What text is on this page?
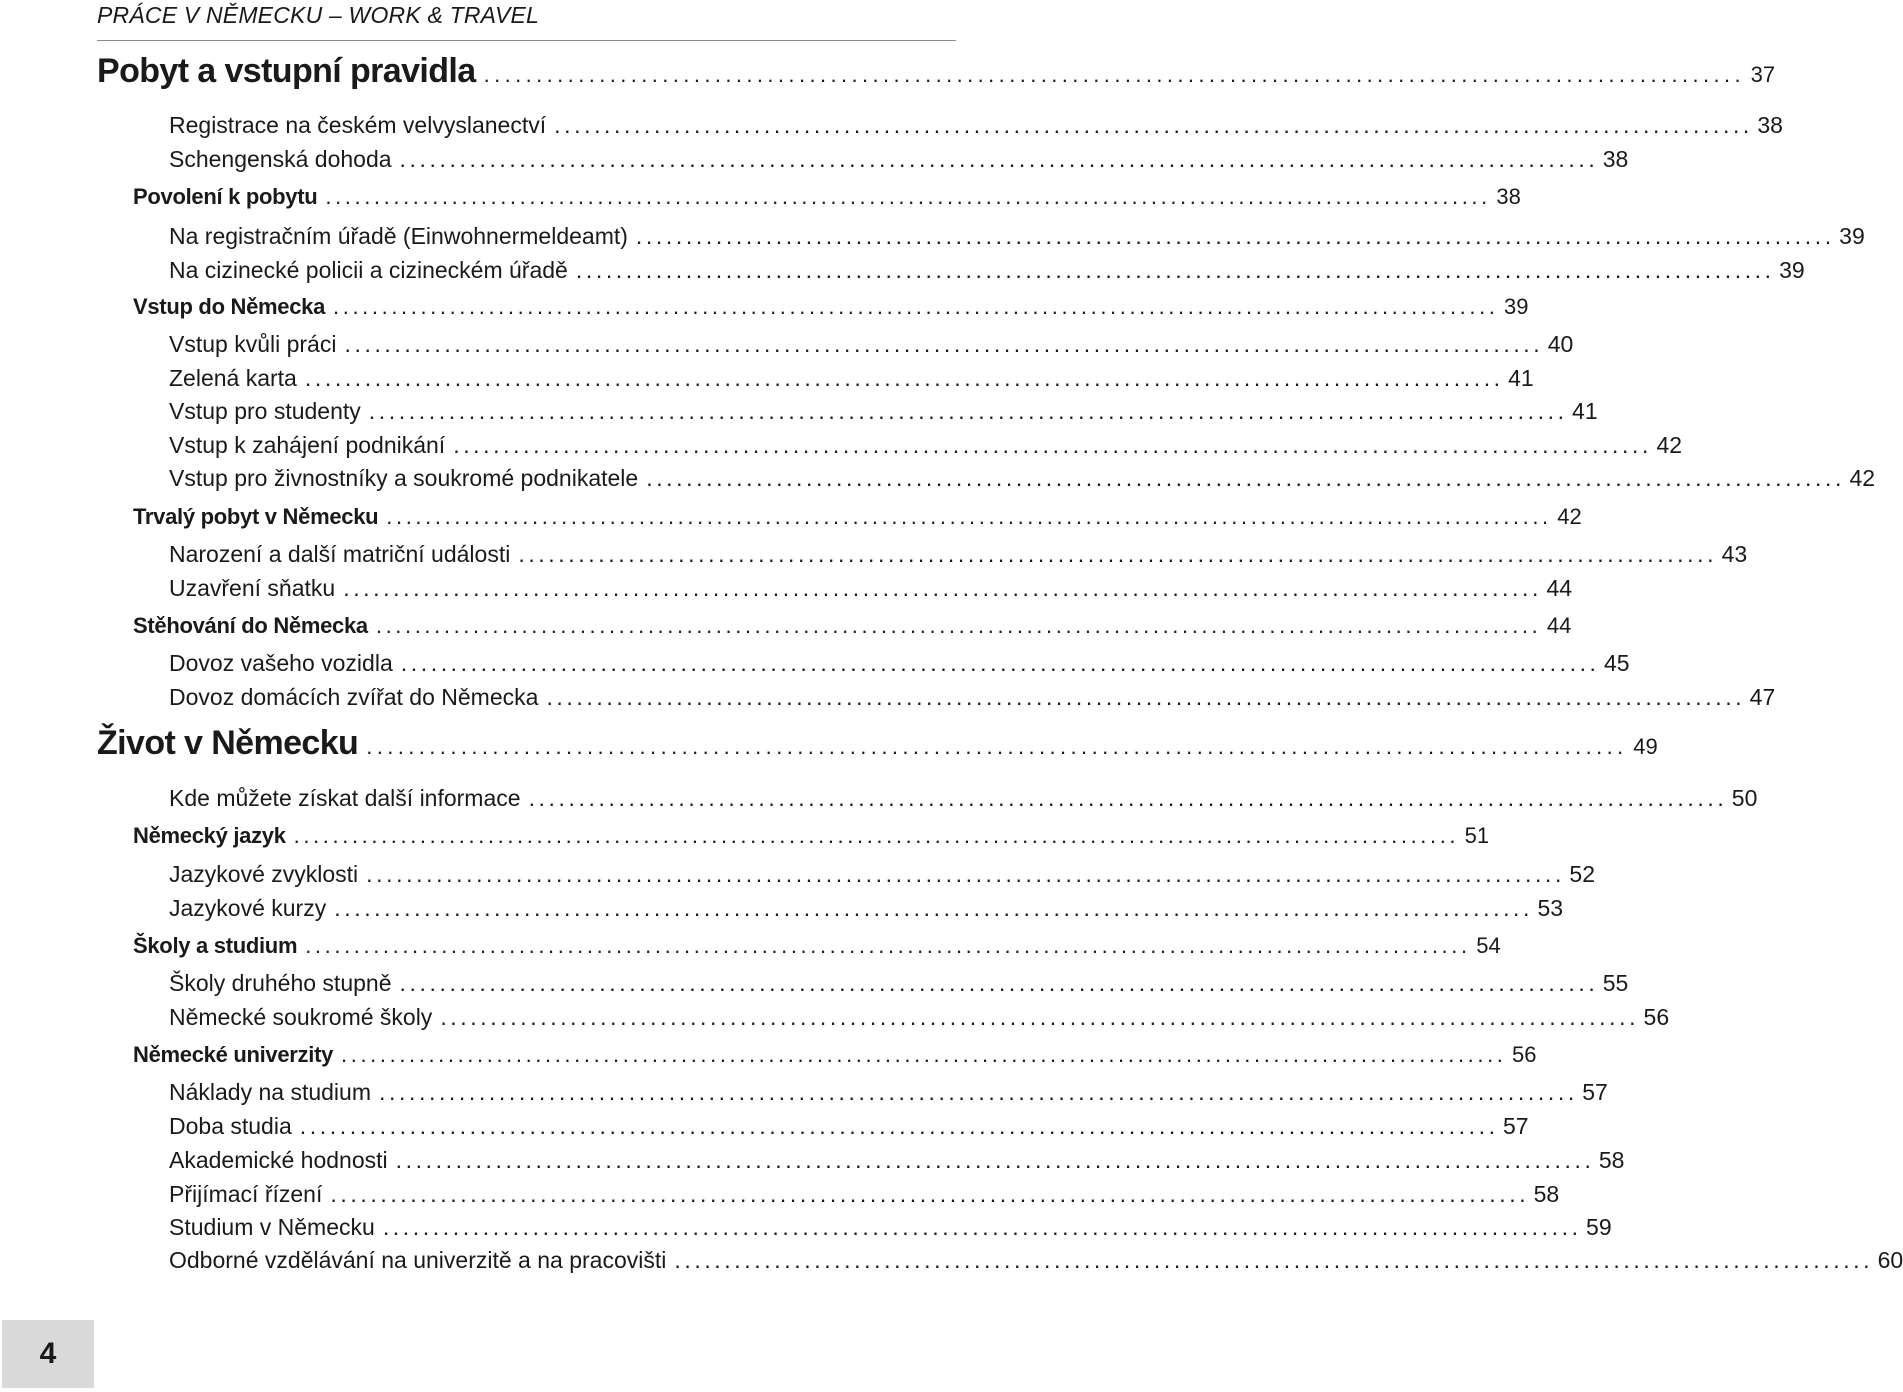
PRÁCE V NĚMECKU – WORK & TRAVEL
Pobyt a vstupní pravidla ........................................................................................................................ 37
Registrace na českém velvyslanectví ........................................................................................................................ 38
Schengenská dohoda ........................................................................................................................ 38
Povolení k pobytu ........................................................................................................................ 38
Na registračním úřadě (Einwohnermeldeamt) ........................................................................................................................ 39
Na cizinecké policii a cizineckém úřadě ........................................................................................................................ 39
Vstup do Německa ........................................................................................................................ 39
Vstup kvůli práci ........................................................................................................................ 40
Zelená karta ........................................................................................................................ 41
Vstup pro studenty ........................................................................................................................ 41
Vstup k zahájení podnikání ........................................................................................................................ 42
Vstup pro živnostníky a soukromé podnikatele ........................................................................................................................ 42
Trvalý pobyt v Německu ........................................................................................................................ 42
Narození a další matriční události ........................................................................................................................ 43
Uzavření sňatku ........................................................................................................................ 44
Stěhování do Německa ........................................................................................................................ 44
Dovoz vašeho vozidla ........................................................................................................................ 45
Dovoz domácích zvířat do Německa ........................................................................................................................ 47
Život v Německu ........................................................................................................................ 49
Kde můžete získat další informace ........................................................................................................................ 50
Německý jazyk ........................................................................................................................ 51
Jazykové zvyklosti ........................................................................................................................ 52
Jazykové kurzy ........................................................................................................................ 53
Školy a studium ........................................................................................................................ 54
Školy druhého stupně ........................................................................................................................ 55
Německé soukromé školy ........................................................................................................................ 56
Německé univerzity ........................................................................................................................ 56
Náklady na studium ........................................................................................................................ 57
Doba studia ........................................................................................................................ 57
Akademické hodnosti ........................................................................................................................ 58
Přijímací řízení ........................................................................................................................ 58
Studium v Německu ........................................................................................................................ 59
Odborné vzdělávání na univerzitě a na pracovišti ........................................................................................................................ 60
4
